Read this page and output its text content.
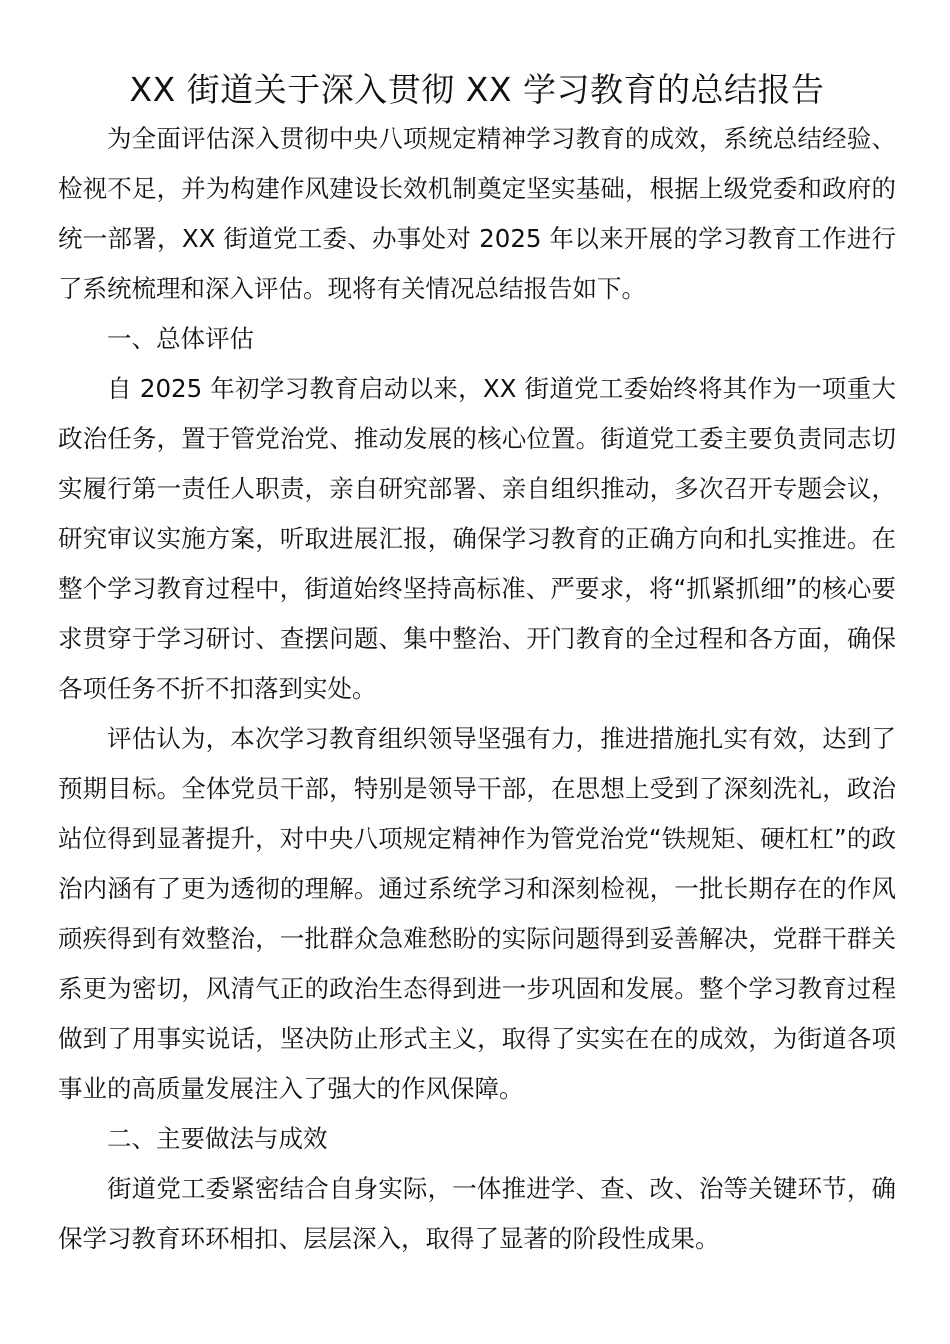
XX 街道关于深入贯彻 XX 学习教育的总结报告

为全面评估深入贯彻中央八项规定精神学习教育的成效，系统总结经验、检视不足，并为构建作风建设长效机制奠定坚实基础，根据上级党委和政府的统一部署，XX 街道党工委、办事处对 2025 年以来开展的学习教育工作进行了系统梳理和深入评估。现将有关情况总结报告如下。

一、总体评估

自 2025 年初学习教育启动以来，XX 街道党工委始终将其作为一项重大政治任务，置于管党治党、推动发展的核心位置。街道党工委主要负责同志切实履行第一责任人职责，亲自研究部署、亲自组织推动，多次召开专题会议，研究审议实施方案，听取进展汇报，确保学习教育的正确方向和扎实推进。在整个学习教育过程中，街道始终坚持高标准、严要求，将“抓紧抓细”的核心要求贯穿于学习研讨、查摆问题、集中整治、开门教育的全过程和各方面，确保各项任务不折不扣落到实处。

评估认为，本次学习教育组织领导坚强有力，推进措施扎实有效，达到了预期目标。全体党员干部，特别是领导干部，在思想上受到了深刻洗礼，政治站位得到显著提升，对中央八项规定精神作为管党治党“铁规矩、硬杠杠”的政治内涵有了更为透彻的理解。通过系统学习和深刻检视，一批长期存在的作风顽疾得到有效整治，一批群众急难愁盼的实际问题得到妥善解决，党群干群关系更为密切，风清气正的政治生态得到进一步巩固和发展。整个学习教育过程做到了用事实说话，坚决防止形式主义，取得了实实在在的成效，为街道各项事业的高质量发展注入了强大的作风保障。

二、主要做法与成效

街道党工委紧密结合自身实际，一体推进学、查、改、治等关键环节，确保学习教育环环相扣、层层深入，取得了显著的阶段性成果。
